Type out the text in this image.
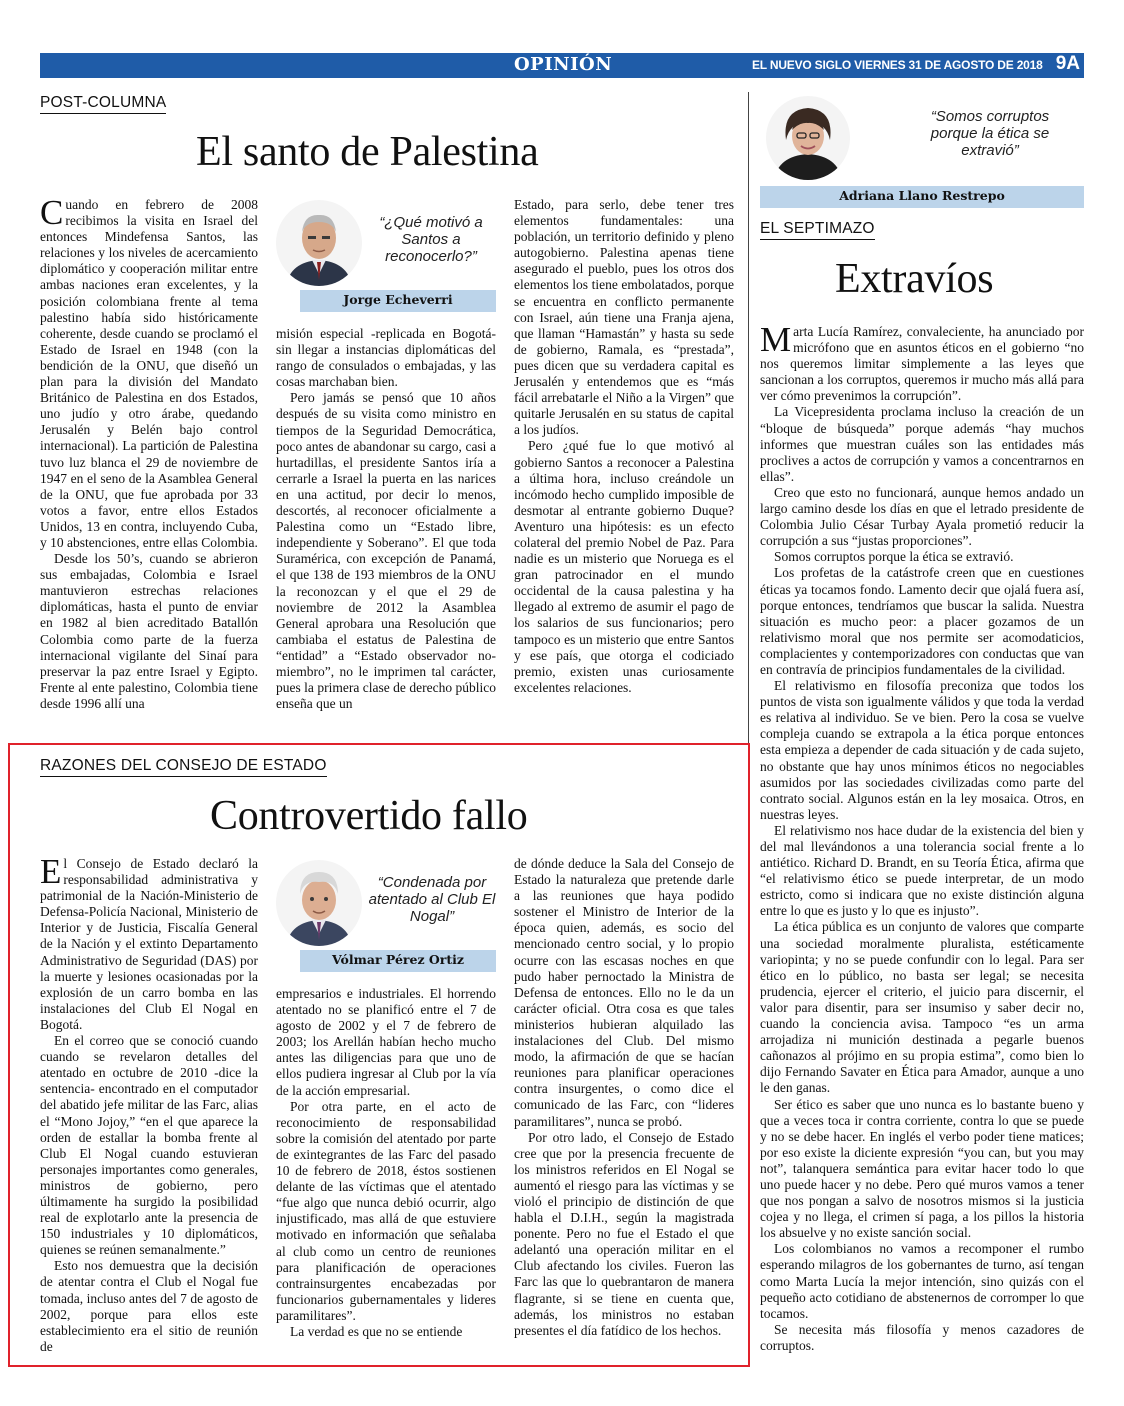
OPINIÓN	EL NUEVO SIGLO VIERNES 31 DE AGOSTO DE 2018 9A
POST-COLUMNA
El santo de Palestina

Cuando en febrero de 2008 recibimos la visita en Israel del entonces Mindefensa Santos, las relaciones y los niveles de acercamiento diplomático y cooperación militar entre ambas naciones eran excelentes, y la posición colombiana frente al tema palestino había sido históricamente coherente, desde cuando se proclamó el Estado de Israel en 1948 (con la bendición de la ONU, que diseñó un plan para la división del Mandato Británico de Palestina en dos Estados, uno judío y otro árabe, quedando Jerusalén y Belén bajo control internacional). La partición de Palestina tuvo luz blanca el 29 de noviembre de 1947 en el seno de la Asamblea General de la ONU, que fue aprobada por 33 votos a favor, entre ellos Estados Unidos, 13 en contra, incluyendo Cuba, y 10 abstenciones, entre ellas Colombia.

Desde los 50’s, cuando se abrieron sus embajadas, Colombia e Israel mantuvieron estrechas relaciones diplomáticas, hasta el punto de enviar en 1982 al bien acreditado Batallón Colombia como parte de la fuerza internacional vigilante del Sinaí para preservar la paz entre Israel y Egipto. Frente al ente palestino, Colombia tiene desde 1996 allí una

“¿Qué motivó a Santos a reconocerlo?”
Jorge Echeverri

misión especial -replicada en Bogotá- sin llegar a instancias diplomáticas del rango de consulados o embajadas, y las cosas marchaban bien.

Pero jamás se pensó que 10 años después de su visita como ministro en tiempos de la Seguridad Democrática, poco antes de abandonar su cargo, casi a hurtadillas, el presidente Santos iría a cerrarle a Israel la puerta en las narices en una actitud, por decir lo menos, descortés, al reconocer oficialmente a Palestina como un “Estado libre, independiente y Soberano”. El que toda Suramérica, con excepción de Panamá, el que 138 de 193 miembros de la ONU la reconozcan y el que el 29 de noviembre de 2012 la Asamblea General aprobara una Resolución que cambiaba el estatus de Palestina de “entidad” a “Estado observador no-miembro”, no le imprimen tal carácter, pues la primera clase de derecho público enseña que un

Estado, para serlo, debe tener tres elementos fundamentales: una población, un territorio definido y pleno autogobierno. Palestina apenas tiene asegurado el pueblo, pues los otros dos elementos los tiene embolatados, porque se encuentra en conflicto permanente con Israel, aún tiene una Franja ajena, que llaman “Hamastán” y hasta su sede de gobierno, Ramala, es “prestada”, pues dicen que su verdadera capital es Jerusalén y entendemos que es “más fácil arrebatarle el Niño a la Virgen” que quitarle Jerusalén en su status de capital a los judíos.

Pero ¿qué fue lo que motivó al gobierno Santos a reconocer a Palestina a última hora, incluso creándole un incómodo hecho cumplido imposible de desmotar al entrante gobierno Duque? Aventuro una hipótesis: es un efecto colateral del premio Nobel de Paz. Para nadie es un misterio que Noruega es el gran patrocinador en el mundo occidental de la causa palestina y ha llegado al extremo de asumir el pago de los salarios de sus funcionarios; pero tampoco es un misterio que entre Santos y ese país, que otorga el codiciado premio, existen unas curiosamente excelentes relaciones.

RAZONES DEL CONSEJO DE ESTADO
Controvertido fallo

El Consejo de Estado declaró la responsabilidad administrativa y patrimonial de la Nación-Ministerio de Defensa-Policía Nacional, Ministerio de Interior y de Justicia, Fiscalía General de la Nación y el extinto Departamento Administrativo de Seguridad (DAS) por la muerte y lesiones ocasionadas por la explosión de un carro bomba en las instalaciones del Club El Nogal en Bogotá.

En el correo que se conoció cuando cuando se revelaron detalles del atentado en octubre de 2010 -dice la sentencia- encontrado en el computador del abatido jefe militar de las Farc, alias el “Mono Jojoy,” “en el que aparece la orden de estallar la bomba frente al Club El Nogal cuando estuvieran personajes importantes como generales, ministros de gobierno, pero últimamente ha surgido la posibilidad real de explotarlo ante la presencia de 150 industriales y 10 diplomáticos, quienes se reúnen semanalmente.”

Esto nos demuestra que la decisión de atentar contra el Club el Nogal fue tomada, incluso antes del 7 de agosto de 2002, porque para ellos este establecimiento era el sitio de reunión de

“Condenada por atentado al Club El Nogal”
Vólmar Pérez Ortiz

empresarios e industriales. El horrendo atentado no se planificó entre el 7 de agosto de 2002 y el 7 de febrero de 2003; los Arellán habían hecho mucho antes las diligencias para que uno de ellos pudiera ingresar al Club por la vía de la acción empresarial.

Por otra parte, en el acto de reconocimiento de responsabilidad sobre la comisión del atentado por parte de exintegrantes de las Farc del pasado 10 de febrero de 2018, éstos sostienen delante de las víctimas que el atentado “fue algo que nunca debió ocurrir, algo injustificado, mas allá de que estuviere motivado en información que señalaba al club como un centro de reuniones para planificación de operaciones contrainsurgentes encabezadas por funcionarios gubernamentales y lideres paramilitares”.

La verdad es que no se entiende

de dónde deduce la Sala del Consejo de Estado la naturaleza que pretende darle a las reuniones que haya podido sostener el Ministro de Interior de la época quien, además, es socio del mencionado centro social, y lo propio ocurre con las escasas noches en que pudo haber pernoctado la Ministra de Defensa de entonces. Ello no le da un carácter oficial. Otra cosa es que tales ministerios hubieran alquilado las instalaciones del Club. Del mismo modo, la afirmación de que se hacían reuniones para planificar operaciones contra insurgentes, o como dice el comunicado de las Farc, con “lideres paramilitares”, nunca se probó.

Por otro lado, el Consejo de Estado cree que por la presencia frecuente de los ministros referidos en El Nogal se aumentó el riesgo para las víctimas y se violó el principio de distinción de que habla el D.I.H., según la magistrada ponente. Pero no fue el Estado el que adelantó una operación militar en el Club afectando los civiles. Fueron las Farc las que lo quebrantaron de manera flagrante, si se tiene en cuenta que, además, los ministros no estaban presentes el día fatídico de los hechos.

“Somos corruptos porque la ética se extravió”
Adriana Llano Restrepo
EL SEPTIMAZO
Extravíos

Marta Lucía Ramírez, convaleciente, ha anunciado por micrófono que en asuntos éticos en el gobierno “no nos queremos limitar simplemente a las leyes que sancionan a los corruptos, queremos ir mucho más allá para ver cómo prevenimos la corrupción”.

La Vicepresidenta proclama incluso la creación de un “bloque de búsqueda” porque además “hay muchos informes que muestran cuáles son las entidades más proclives a actos de corrupción y vamos a concentrarnos en ellas”.

Creo que esto no funcionará, aunque hemos andado un largo camino desde los días en que el letrado presidente de Colombia Julio César Turbay Ayala prometió reducir la corrupción a sus “justas proporciones”.

Somos corruptos porque la ética se extravió.

Los profetas de la catástrofe creen que en cuestiones éticas ya tocamos fondo. Lamento decir que ojalá fuera así, porque entonces, tendríamos que buscar la salida. Nuestra situación es mucho peor: a placer gozamos de un relativismo moral que nos permite ser acomodaticios, complacientes y contemporizadores con conductas que van en contravía de principios fundamentales de la civilidad.

El relativismo en filosofía preconiza que todos los puntos de vista son igualmente válidos y que toda la verdad es relativa al individuo. Se ve bien. Pero la cosa se vuelve compleja cuando se extrapola a la ética porque entonces esta empieza a depender de cada situación y de cada sujeto, no obstante que hay unos mínimos éticos no negociables asumidos por las sociedades civilizadas como parte del contrato social. Algunos están en la ley mosaica. Otros, en nuestras leyes.

El relativismo nos hace dudar de la existencia del bien y del mal llevándonos a una tolerancia social frente a lo antiético. Richard D. Brandt, en su Teoría Ética, afirma que “el relativismo ético se puede interpretar, de un modo estricto, como si indicara que no existe distinción alguna entre lo que es justo y lo que es injusto”.

La ética pública es un conjunto de valores que comparte una sociedad moralmente pluralista, estéticamente variopinta; y no se puede confundir con lo legal. Para ser ético en lo público, no basta ser legal; se necesita prudencia, ejercer el criterio, el juicio para discernir, el valor para disentir, para ser insumiso y saber decir no, cuando la conciencia avisa. Tampoco “es un arma arrojadiza ni munición destinada a pegarle buenos cañonazos al prójimo en su propia estima”, como bien lo dijo Fernando Savater en Ética para Amador, aunque a uno le den ganas.

Ser ético es saber que uno nunca es lo bastante bueno y que a veces toca ir contra corriente, contra lo que se puede y no se debe hacer. En inglés el verbo poder tiene matices; por eso existe la diciente expresión “you can, but you may not”, talanquera semántica para evitar hacer todo lo que uno puede hacer y no debe. Pero qué muros vamos a tener que nos pongan a salvo de nosotros mismos si la justicia cojea y no llega, el crimen sí paga, a los pillos la historia los absuelve y no existe sanción social.

Los colombianos no vamos a recomponer el rumbo esperando milagros de los gobernantes de turno, así tengan como Marta Lucía la mejor intención, sino quizás con el pequeño acto cotidiano de abstenernos de corromper lo que tocamos.

Se necesita más filosofía y menos cazadores de corruptos.
